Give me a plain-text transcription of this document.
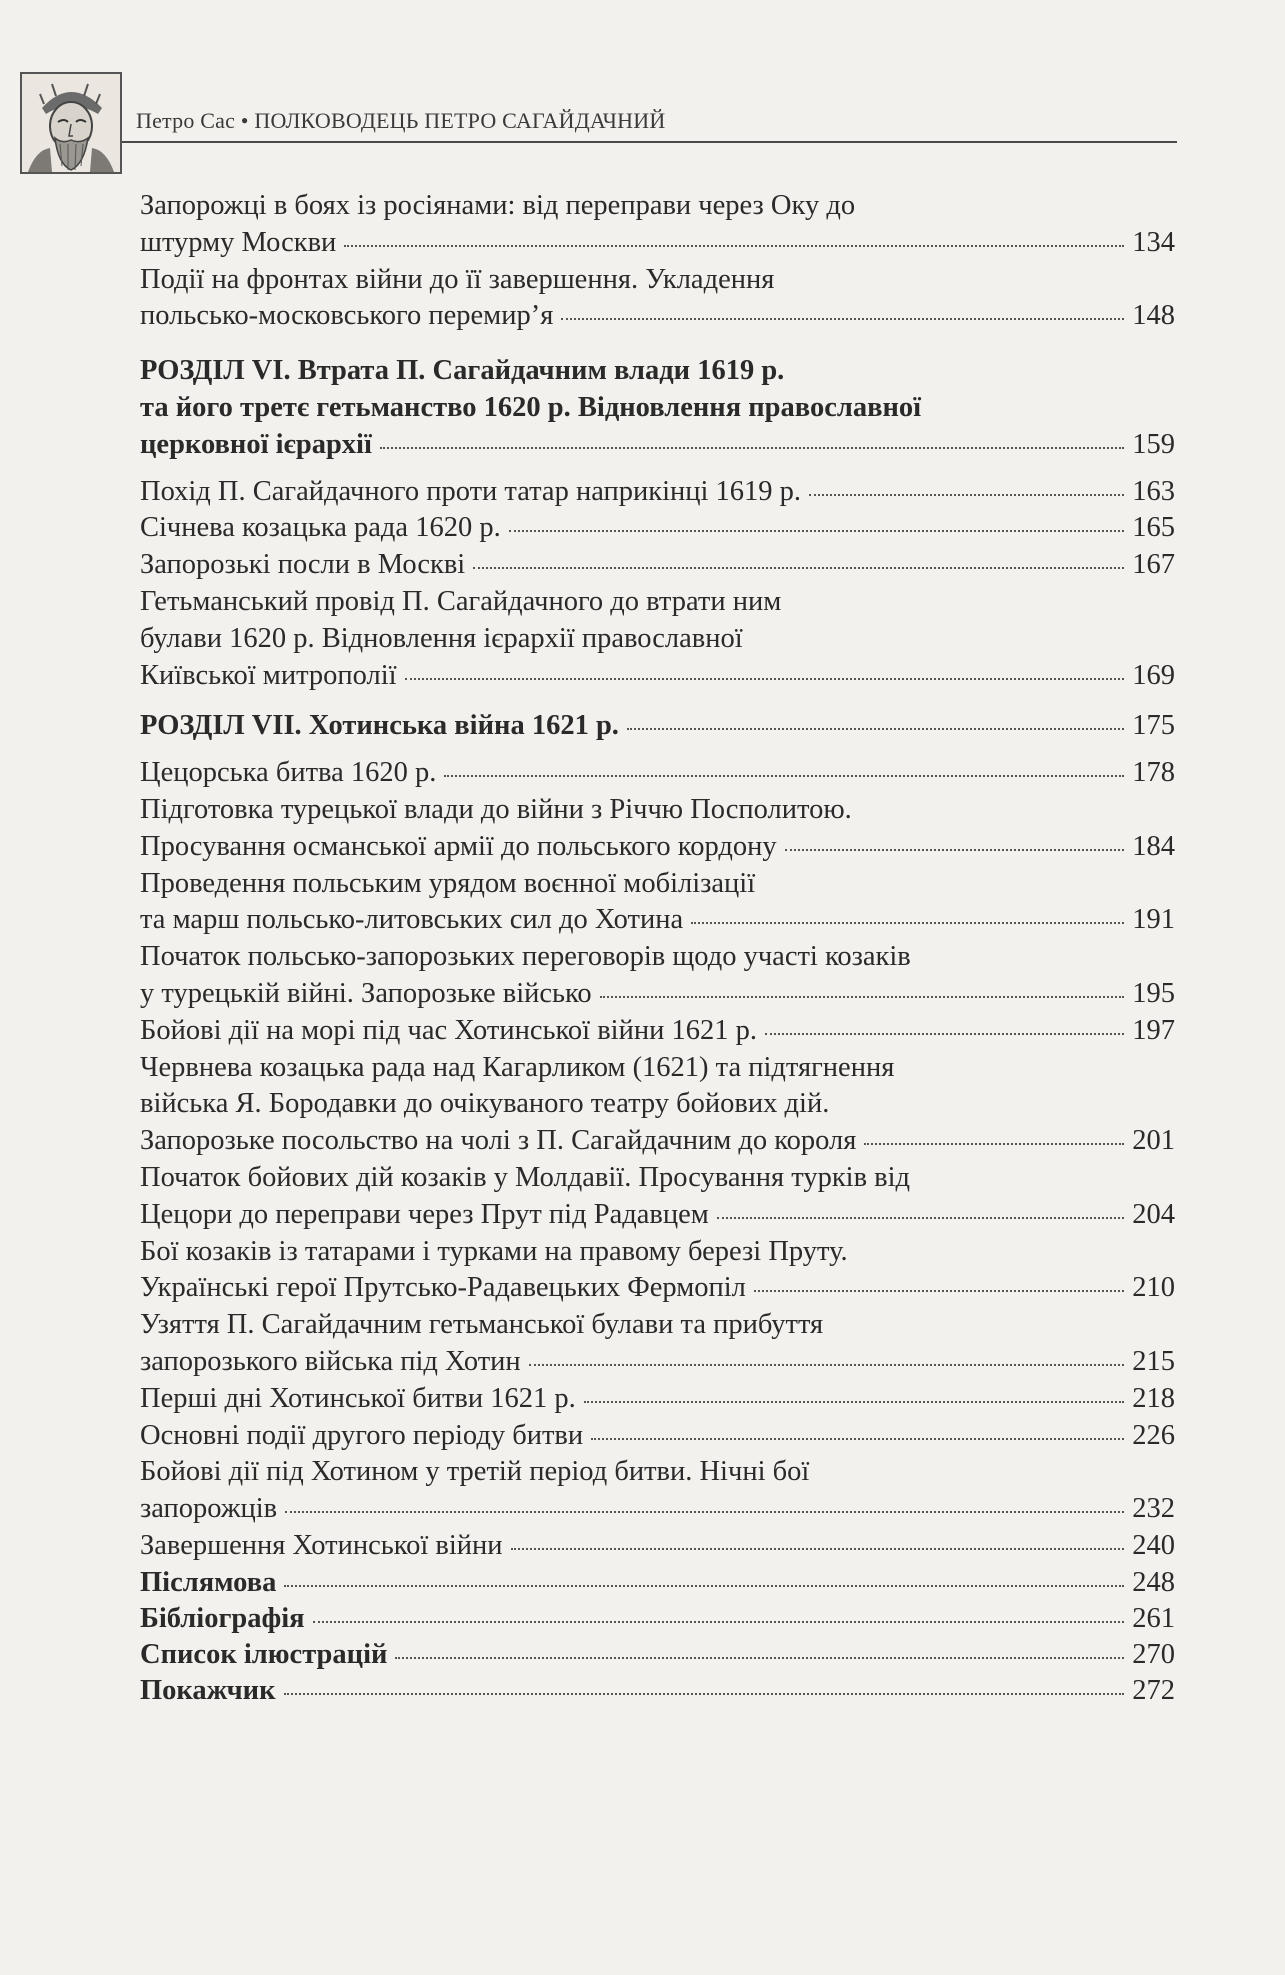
Петро Сас • ПОЛКОВОДЕЦЬ ПЕТРО САГАЙДАЧНИЙ
Запорожці в боях із росіянами: від переправи через Оку до
штурму Москви	134
Події на фронтах війни до її завершення. Укладення
польсько-московського перемир’я	148
РОЗДІЛ VI. Втрата П. Сагайдачним влади 1619 р.
та його третє гетьманство 1620 р. Відновлення православної
церковної ієрархії	159
Похід П. Сагайдачного проти татар наприкінці 1619 р.	163
Січнева козацька рада 1620 р.	165
Запорозькі посли в Москві	167
Гетьманський провід П. Сагайдачного до втрати ним
булави 1620 р. Відновлення ієрархії православної
Київської митрополії	169
РОЗДІЛ VII. Хотинська війна 1621 р.	175
Цецорська битва 1620 р.	178
Підготовка турецької влади до війни з Річчю Посполитою.
Просування османської армії до польського кордону	184
Проведення польським урядом воєнної мобілізації
та марш польсько-литовських сил до Хотина	191
Початок польсько-запорозьких переговорів щодо участі козаків
у турецькій війні. Запорозьке військо	195
Бойові дії на морі під час Хотинської війни 1621 р.	197
Червнева козацька рада над Кагарликом (1621) та підтягнення
війська Я. Бородавки до очікуваного театру бойових дій.
Запорозьке посольство на чолі з П. Сагайдачним до короля	201
Початок бойових дій козаків у Молдавії. Просування турків від
Цецори до переправи через Прут під Радавцем	204
Бої козаків із татарами і турками на правому березі Пруту.
Українські герої Прутсько-Радавецьких Фермопіл	210
Узяття П. Сагайдачним гетьманської булави та прибуття
запорозького війська під Хотин	215
Перші дні Хотинської битви 1621 р.	218
Основні події другого періоду битви	226
Бойові дії під Хотином у третій період битви. Нічні бої
запорожців	232
Завершення Хотинської війни	240
Післямова	248
Бібліографія	261
Список ілюстрацій	270
Покажчик	272
